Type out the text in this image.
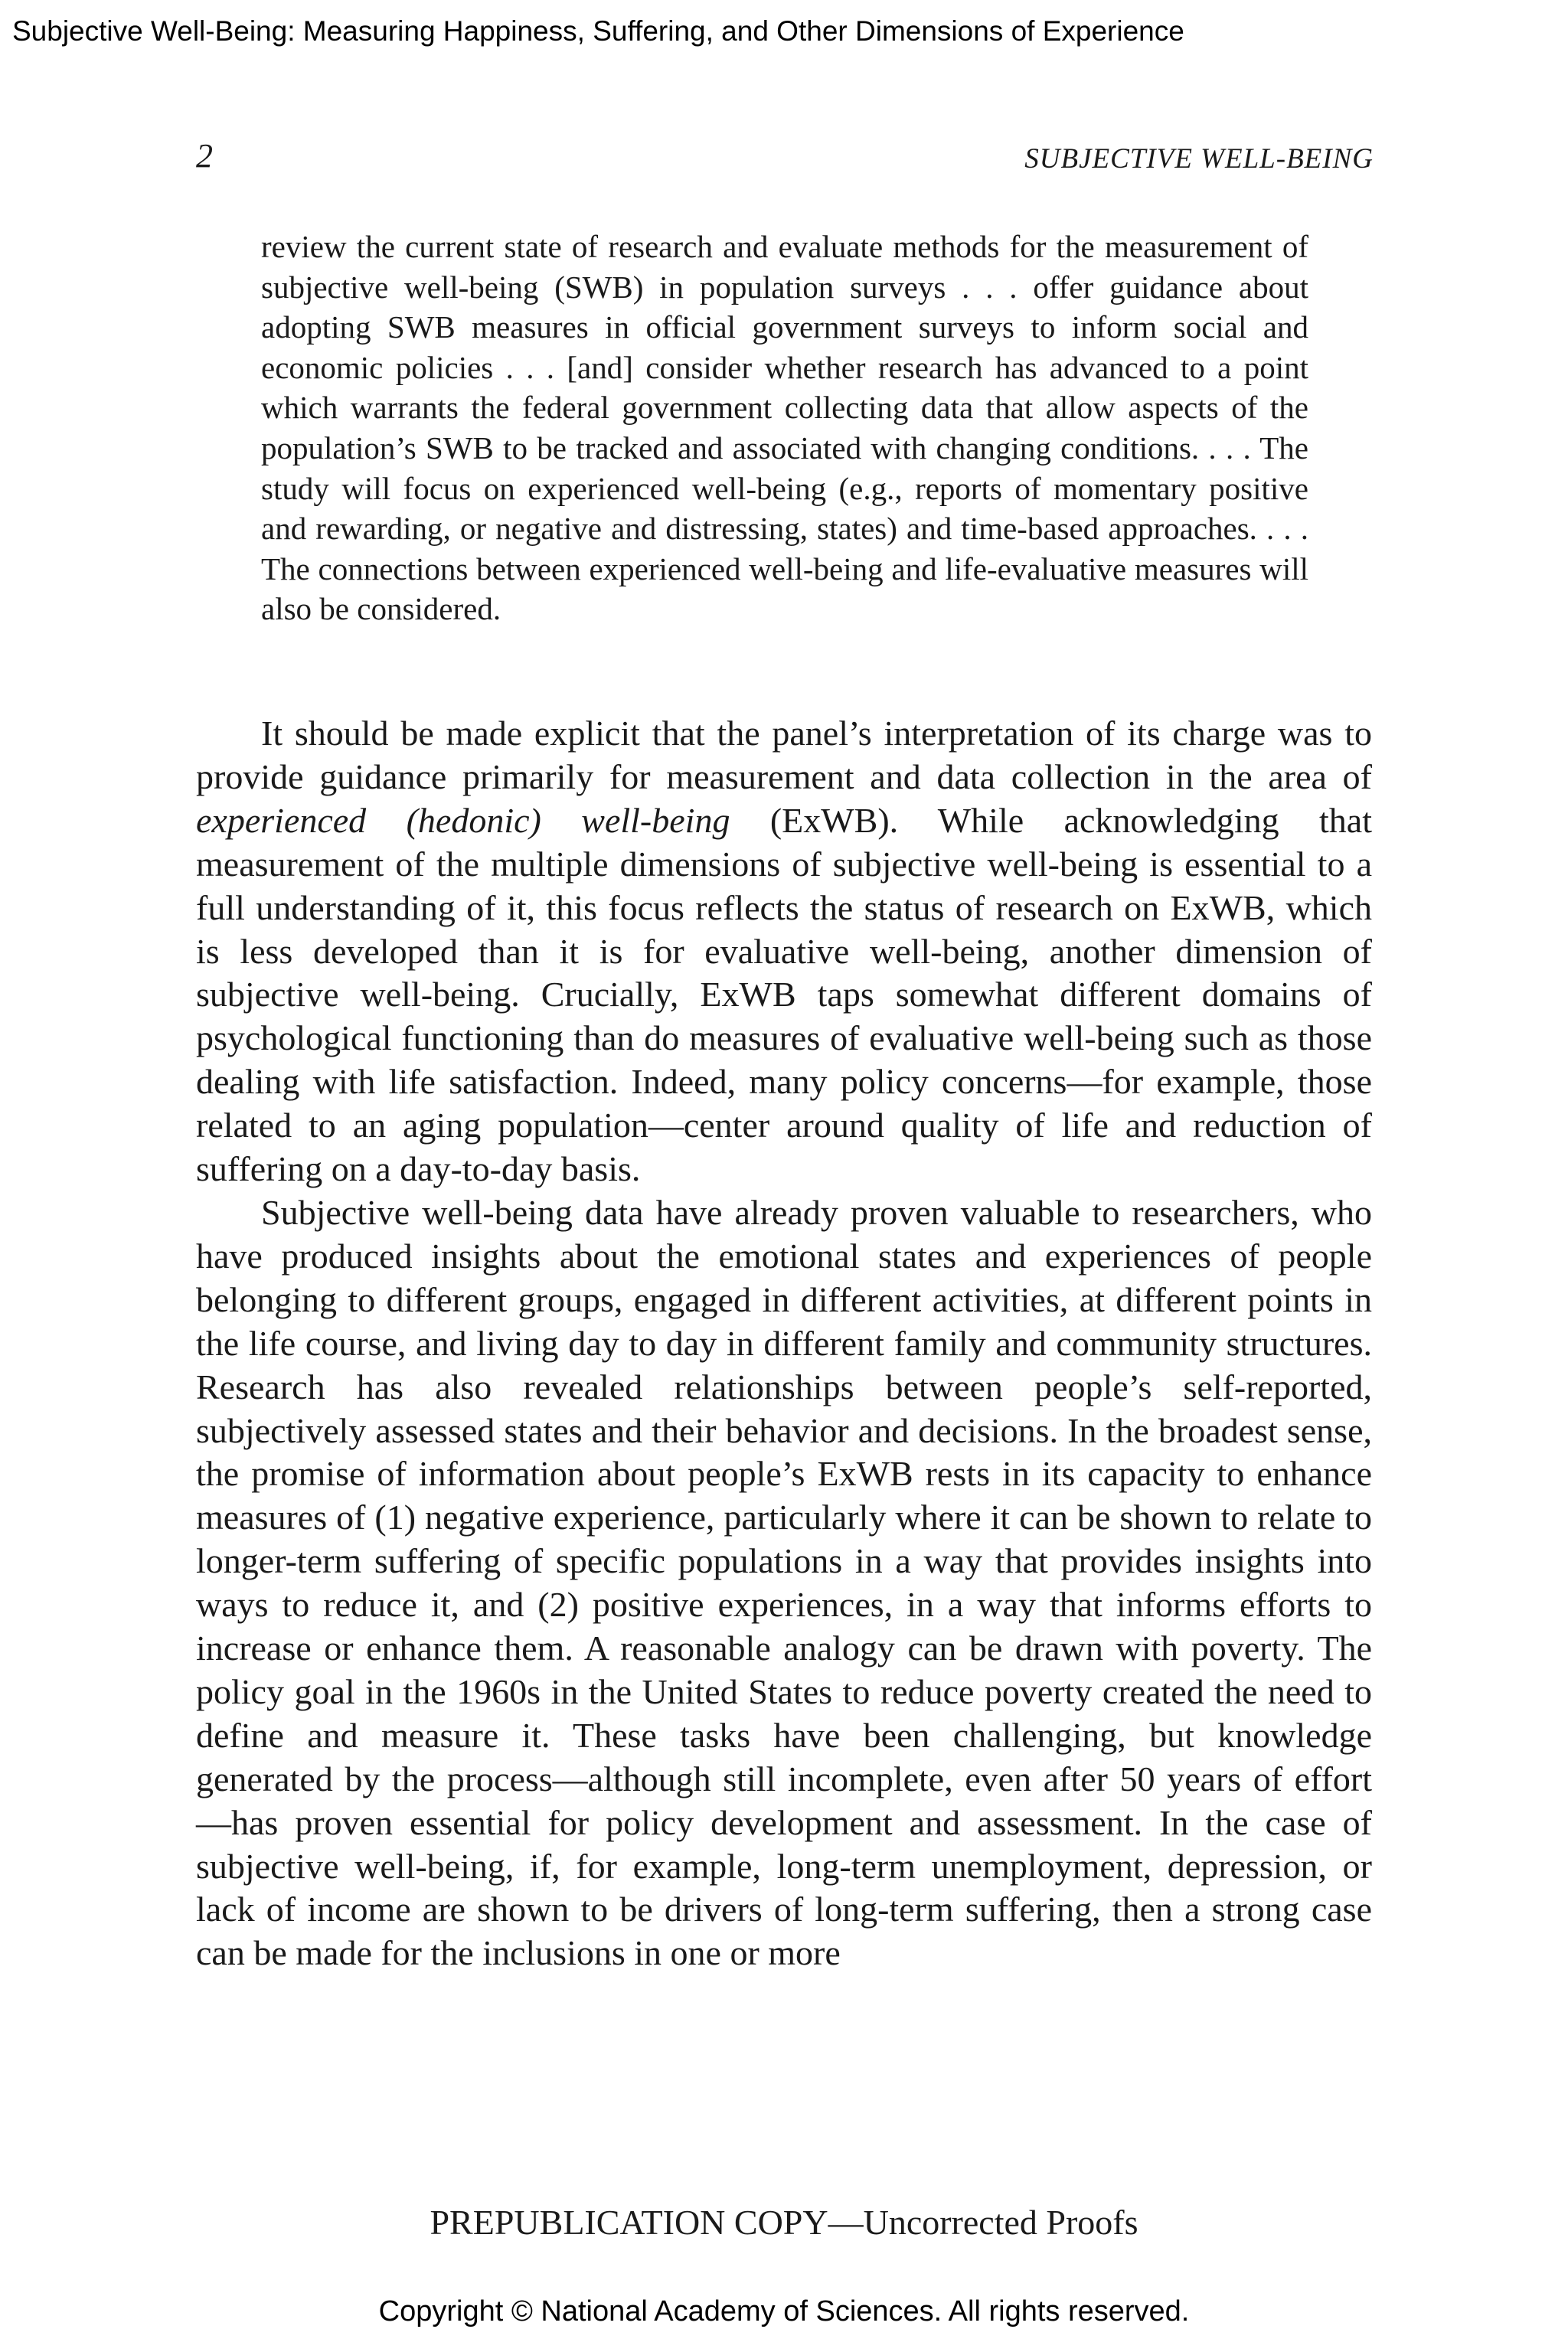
Subjective Well-Being: Measuring Happiness, Suffering, and Other Dimensions of Experience
2	SUBJECTIVE WELL-BEING
review the current state of research and evaluate methods for the measurement of subjective well-being (SWB) in population surveys . . . offer guidance about adopting SWB measures in official government surveys to inform social and economic policies . . . [and] consider whether research has advanced to a point which warrants the federal government collecting data that allow aspects of the population’s SWB to be tracked and associated with changing conditions. . . . The study will focus on experienced well-being (e.g., reports of momentary positive and rewarding, or negative and distressing, states) and time-based approaches. . . . The connections between experienced well-being and life-evaluative measures will also be considered.

It should be made explicit that the panel’s interpretation of its charge was to provide guidance primarily for measurement and data collection in the area of experienced (hedonic) well-being (ExWB). While acknowledging that measurement of the multiple dimensions of subjective well-being is essential to a full understanding of it, this focus reflects the status of research on ExWB, which is less developed than it is for evaluative well-being, another dimension of subjective well-being. Crucially, ExWB taps somewhat different domains of psychological functioning than do measures of evaluative well-being such as those dealing with life satisfaction. Indeed, many policy concerns—for example, those related to an aging population—center around quality of life and reduction of suffering on a day-to-day basis.

Subjective well-being data have already proven valuable to researchers, who have produced insights about the emotional states and experiences of people belonging to different groups, engaged in different activities, at different points in the life course, and living day to day in different family and community structures. Research has also revealed relationships between people’s self-reported, subjectively assessed states and their behavior and decisions. In the broadest sense, the promise of information about people’s ExWB rests in its capacity to enhance measures of (1) negative experience, particularly where it can be shown to relate to longer-term suffering of specific populations in a way that provides insights into ways to reduce it, and (2) positive experiences, in a way that informs efforts to increase or enhance them. A reasonable analogy can be drawn with poverty. The policy goal in the 1960s in the United States to reduce poverty created the need to define and measure it. These tasks have been challenging, but knowledge generated by the process—although still incomplete, even after 50 years of effort—has proven essential for policy development and assessment. In the case of subjective well-being, if, for example, long-term unemployment, depression, or lack of income are shown to be drivers of long-term suffering, then a strong case can be made for the inclusions in one or more

PREPUBLICATION COPY—Uncorrected Proofs
Copyright © National Academy of Sciences. All rights reserved.
